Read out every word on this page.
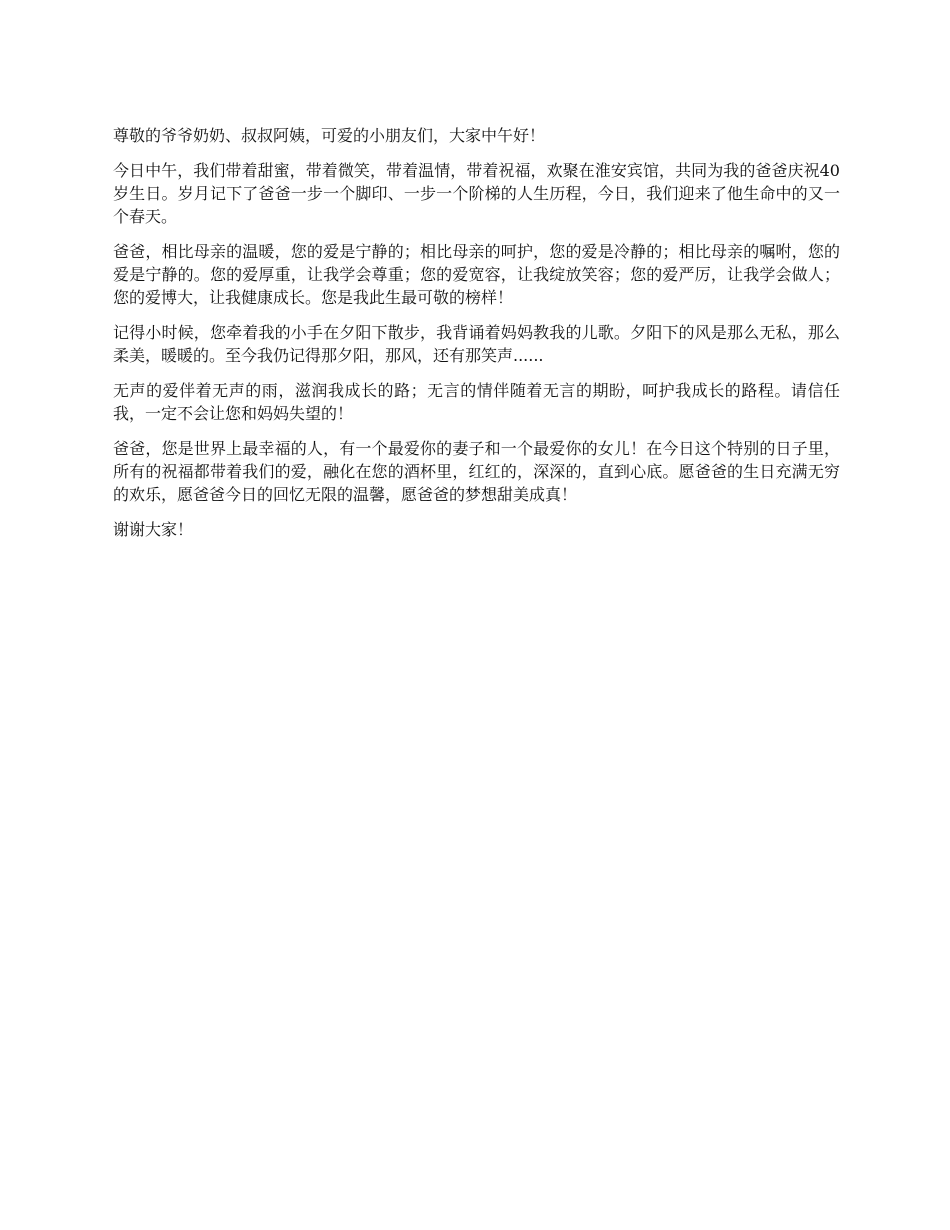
尊敬的爷爷奶奶、叔叔阿姨，可爱的小朋友们，大家中午好！

今日中午，我们带着甜蜜，带着微笑，带着温情，带着祝福，欢聚在淮安宾馆，共同为我的爸爸庆祝40岁生日。岁月记下了爸爸一步一个脚印、一步一个阶梯的人生历程，今日，我们迎来了他生命中的又一个春天。

爸爸，相比母亲的温暖，您的爱是宁静的；相比母亲的呵护，您的爱是冷静的；相比母亲的嘱咐，您的爱是宁静的。您的爱厚重，让我学会尊重；您的爱宽容，让我绽放笑容；您的爱严厉，让我学会做人；您的爱博大，让我健康成长。您是我此生最可敬的榜样！

记得小时候，您牵着我的小手在夕阳下散步，我背诵着妈妈教我的儿歌。夕阳下的风是那么无私，那么柔美，暖暖的。至今我仍记得那夕阳，那风，还有那笑声......

无声的爱伴着无声的雨，滋润我成长的路；无言的情伴随着无言的期盼，呵护我成长的路程。请信任我，一定不会让您和妈妈失望的！

爸爸，您是世界上最幸福的人，有一个最爱你的妻子和一个最爱你的女儿！在今日这个特别的日子里，所有的祝福都带着我们的爱，融化在您的酒杯里，红红的，深深的，直到心底。愿爸爸的生日充满无穷的欢乐，愿爸爸今日的回忆无限的温馨，愿爸爸的梦想甜美成真！

谢谢大家！
